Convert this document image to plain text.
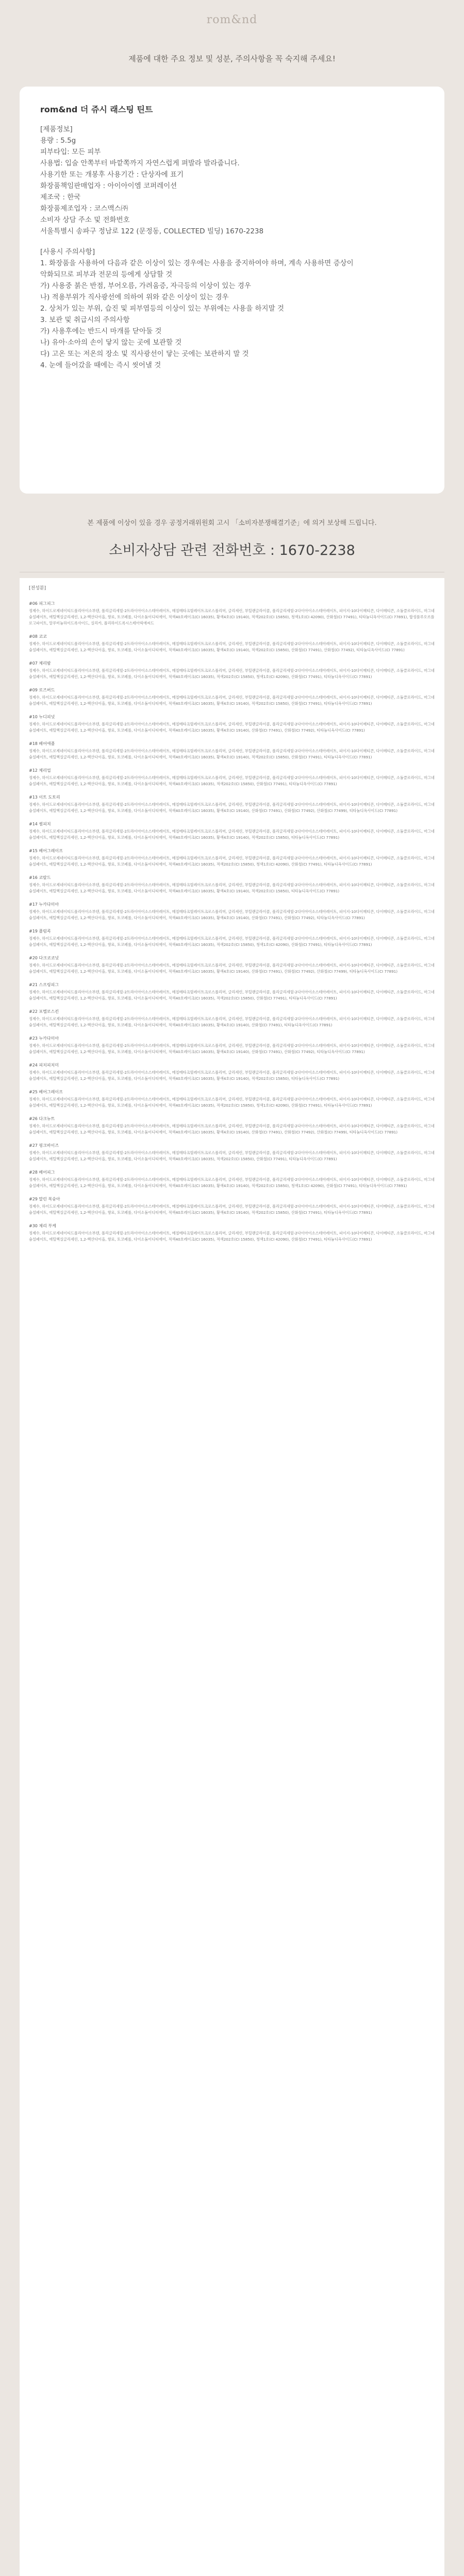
rom&nd
제품에 대한 주요 정보 및 성분, 주의사항을 꼭 숙지해 주세요!
rom&nd 더 쥬시 래스팅 틴트
[제품정보]
용량 : 5.5g
피부타입: 모든 피부
사용법: 입술 안쪽부터 바깥쪽까지 자연스럽게 펴발라 발라줍니다.
사용기한 또는 개봉후 사용기간 : 단상자에 표기
화장품책임판매업자 : 아이아이엠 코퍼레이션
제조국 : 한국
화장품제조업자 : 코스맥스㈜
소비자 상담 주소 및 전화번호
서울특별시 송파구 정남로 122 (문정동, COLLECTED 빌딩) 1670-2238
[사용시 주의사항]
1. 화장품을 사용하여 다음과 같은 이상이 있는 경우에는 사용을 중지하여야 하며, 계속 사용하면 증상이
악화되므로 피부과 전문의 등에게 상담할 것
가) 사용중 붉은 반점, 부어오름, 가려움증, 자극등의 이상이 있는 경우
나) 적용부위가 직사광선에 의하여 위와 같은 이상이 있는 경우
2. 상처가 있는 부위, 습진 및 피부염등의 이상이 있는 부위에는 사용을 하지말 것
3. 보관 및 취급시의 주의사항
가) 사용후에는 반드시 마개를 닫아둘 것
나) 유아·소아의 손이 닿지 않는 곳에 보관할 것
다) 고온 또는 저온의 장소 및 직사광선이 닿는 곳에는 보관하지 말 것
4. 눈에 들어갔을 때에는 즉시 씻어낼 것
본 제품에 이상이 있을 경우 공정거래위원회 고시 「소비자분쟁해결기준」에 의거 보상해 드립니다.
소비자상담 관련 전화번호 : 1670-2238
[전성분]
#06 피그피그
정제수, 하이드로제네이티드폴리아이소부텐, 폴리글리세릴-2트라이아이소스테아레이트, 메칠메타크릴레이트크로스폴리머, 글리세린, 부틸렌글라이콜, 폴리글리세릴-2다이아이소스테아레이트, 피이지-10다이메티콘, 다이메티콘, 소듐클로라이드, 마그네슘설페이트, 에틸헥실글리세린, 1,2-헥산다이올, 향료, 토코페롤, 다이소듐이디티에이, 적색40호레이크(CI 16035), 황색4호(CI 19140), 적색202호(CI 15850), 청색1호(CI 42090), 산화철(CI 77491), 티타늄디옥사이드(CI 77891), 합성플루오르플로고파이트, 알루미늄하이드록사이드, 실리카, 폴리하이드록시스테아릭애씨드
#08 코코
정제수, 하이드로제네이티드폴리아이소부텐, 폴리글리세릴-2트라이아이소스테아레이트, 메칠메타크릴레이트크로스폴리머, 글리세린, 부틸렌글라이콜, 폴리글리세릴-2다이아이소스테아레이트, 피이지-10다이메티콘, 다이메티콘, 소듐클로라이드, 마그네슘설페이트, 에틸헥실글리세린, 1,2-헥산다이올, 향료, 토코페롤, 다이소듐이디티에이, 적색40호레이크(CI 16035), 황색4호(CI 19140), 적색202호(CI 15850), 산화철(CI 77491), 산화철(CI 77492), 티타늄디옥사이드(CI 77891)
#07 체리밤
정제수, 하이드로제네이티드폴리아이소부텐, 폴리글리세릴-2트라이아이소스테아레이트, 메칠메타크릴레이트크로스폴리머, 글리세린, 부틸렌글라이콜, 폴리글리세릴-2다이아이소스테아레이트, 피이지-10다이메티콘, 다이메티콘, 소듐클로라이드, 마그네슘설페이트, 에틸헥실글리세린, 1,2-헥산다이올, 향료, 토코페롤, 다이소듐이디티에이, 적색40호레이크(CI 16035), 적색202호(CI 15850), 청색1호(CI 42090), 산화철(CI 77491), 티타늄디옥사이드(CI 77891)
#09 로즈버드
정제수, 하이드로제네이티드폴리아이소부텐, 폴리글리세릴-2트라이아이소스테아레이트, 메칠메타크릴레이트크로스폴리머, 글리세린, 부틸렌글라이콜, 폴리글리세릴-2다이아이소스테아레이트, 피이지-10다이메티콘, 다이메티콘, 소듐클로라이드, 마그네슘설페이트, 에틸헥실글리세린, 1,2-헥산다이올, 향료, 토코페롤, 다이소듐이디티에이, 적색40호레이크(CI 16035), 황색4호(CI 19140), 적색202호(CI 15850), 산화철(CI 77491), 티타늄디옥사이드(CI 77891)
#10 누디피넛
정제수, 하이드로제네이티드폴리아이소부텐, 폴리글리세릴-2트라이아이소스테아레이트, 메칠메타크릴레이트크로스폴리머, 글리세린, 부틸렌글라이콜, 폴리글리세릴-2다이아이소스테아레이트, 피이지-10다이메티콘, 다이메티콘, 소듐클로라이드, 마그네슘설페이트, 에틸헥실글리세린, 1,2-헥산다이올, 향료, 토코페롤, 다이소듐이디티에이, 적색40호레이크(CI 16035), 황색4호(CI 19140), 산화철(CI 77491), 산화철(CI 77492), 티타늄디옥사이드(CI 77891)
#18 베어애플
정제수, 하이드로제네이티드폴리아이소부텐, 폴리글리세릴-2트라이아이소스테아레이트, 메칠메타크릴레이트크로스폴리머, 글리세린, 부틸렌글라이콜, 폴리글리세릴-2다이아이소스테아레이트, 피이지-10다이메티콘, 다이메티콘, 소듐클로라이드, 마그네슘설페이트, 에틸헥실글리세린, 1,2-헥산다이올, 향료, 토코페롤, 다이소듐이디티에이, 적색40호레이크(CI 16035), 황색4호(CI 19140), 적색202호(CI 15850), 산화철(CI 77491), 티타늄디옥사이드(CI 77891)
#12 체리업
정제수, 하이드로제네이티드폴리아이소부텐, 폴리글리세릴-2트라이아이소스테아레이트, 메칠메타크릴레이트크로스폴리머, 글리세린, 부틸렌글라이콜, 폴리글리세릴-2다이아이소스테아레이트, 피이지-10다이메티콘, 다이메티콘, 소듐클로라이드, 마그네슘설페이트, 에틸헥실글리세린, 1,2-헥산다이올, 향료, 토코페롤, 다이소듐이디티에이, 적색40호레이크(CI 16035), 적색202호(CI 15850), 산화철(CI 77491), 티타늄디옥사이드(CI 77891)
#13 이트 도토리
정제수, 하이드로제네이티드폴리아이소부텐, 폴리글리세릴-2트라이아이소스테아레이트, 메칠메타크릴레이트크로스폴리머, 글리세린, 부틸렌글라이콜, 폴리글리세릴-2다이아이소스테아레이트, 피이지-10다이메티콘, 다이메티콘, 소듐클로라이드, 마그네슘설페이트, 에틸헥실글리세린, 1,2-헥산다이올, 향료, 토코페롤, 다이소듐이디티에이, 적색40호레이크(CI 16035), 황색4호(CI 19140), 산화철(CI 77491), 산화철(CI 77492), 산화철(CI 77499), 티타늄디옥사이드(CI 77891)
#14 썸피치
정제수, 하이드로제네이티드폴리아이소부텐, 폴리글리세릴-2트라이아이소스테아레이트, 메칠메타크릴레이트크로스폴리머, 글리세린, 부틸렌글라이콜, 폴리글리세릴-2다이아이소스테아레이트, 피이지-10다이메티콘, 다이메티콘, 소듐클로라이드, 마그네슘설페이트, 에틸헥실글리세린, 1,2-헥산다이올, 향료, 토코페롤, 다이소듐이디티에이, 적색40호레이크(CI 16035), 황색4호(CI 19140), 적색202호(CI 15850), 티타늄디옥사이드(CI 77891)
#15 베어그레이프
정제수, 하이드로제네이티드폴리아이소부텐, 폴리글리세릴-2트라이아이소스테아레이트, 메칠메타크릴레이트크로스폴리머, 글리세린, 부틸렌글라이콜, 폴리글리세릴-2다이아이소스테아레이트, 피이지-10다이메티콘, 다이메티콘, 소듐클로라이드, 마그네슘설페이트, 에틸헥실글리세린, 1,2-헥산다이올, 향료, 토코페롤, 다이소듐이디티에이, 적색40호레이크(CI 16035), 적색202호(CI 15850), 청색1호(CI 42090), 산화철(CI 77491), 티타늄디옥사이드(CI 77891)
#16 코랄드
정제수, 하이드로제네이티드폴리아이소부텐, 폴리글리세릴-2트라이아이소스테아레이트, 메칠메타크릴레이트크로스폴리머, 글리세린, 부틸렌글라이콜, 폴리글리세릴-2다이아이소스테아레이트, 피이지-10다이메티콘, 다이메티콘, 소듐클로라이드, 마그네슘설페이트, 에틸헥실글리세린, 1,2-헥산다이올, 향료, 토코페롤, 다이소듐이디티에이, 적색40호레이크(CI 16035), 황색4호(CI 19140), 적색202호(CI 15850), 티타늄디옥사이드(CI 77891)
#17 누카다미아
정제수, 하이드로제네이티드폴리아이소부텐, 폴리글리세릴-2트라이아이소스테아레이트, 메칠메타크릴레이트크로스폴리머, 글리세린, 부틸렌글라이콜, 폴리글리세릴-2다이아이소스테아레이트, 피이지-10다이메티콘, 다이메티콘, 소듐클로라이드, 마그네슘설페이트, 에틸헥실글리세린, 1,2-헥산다이올, 향료, 토코페롤, 다이소듐이디티에이, 적색40호레이크(CI 16035), 황색4호(CI 19140), 산화철(CI 77491), 산화철(CI 77492), 티타늄디옥사이드(CI 77891)
#19 플럼콕
정제수, 하이드로제네이티드폴리아이소부텐, 폴리글리세릴-2트라이아이소스테아레이트, 메칠메타크릴레이트크로스폴리머, 글리세린, 부틸렌글라이콜, 폴리글리세릴-2다이아이소스테아레이트, 피이지-10다이메티콘, 다이메티콘, 소듐클로라이드, 마그네슘설페이트, 에틸헥실글리세린, 1,2-헥산다이올, 향료, 토코페롤, 다이소듐이디티에이, 적색40호레이크(CI 16035), 적색202호(CI 15850), 청색1호(CI 42090), 산화철(CI 77491), 티타늄디옥사이드(CI 77891)
#20 다크코코넛
정제수, 하이드로제네이티드폴리아이소부텐, 폴리글리세릴-2트라이아이소스테아레이트, 메칠메타크릴레이트크로스폴리머, 글리세린, 부틸렌글라이콜, 폴리글리세릴-2다이아이소스테아레이트, 피이지-10다이메티콘, 다이메티콘, 소듐클로라이드, 마그네슘설페이트, 에틸헥실글리세린, 1,2-헥산다이올, 향료, 토코페롤, 다이소듐이디티에이, 적색40호레이크(CI 16035), 황색4호(CI 19140), 산화철(CI 77491), 산화철(CI 77492), 산화철(CI 77499), 티타늄디옥사이드(CI 77891)
#21 스프링피그
정제수, 하이드로제네이티드폴리아이소부텐, 폴리글리세릴-2트라이아이소스테아레이트, 메칠메타크릴레이트크로스폴리머, 글리세린, 부틸렌글라이콜, 폴리글리세릴-2다이아이소스테아레이트, 피이지-10다이메티콘, 다이메티콘, 소듐클로라이드, 마그네슘설페이트, 에틸헥실글리세린, 1,2-헥산다이올, 향료, 토코페롤, 다이소듐이디티에이, 적색40호레이크(CI 16035), 적색202호(CI 15850), 산화철(CI 77491), 티타늄디옥사이드(CI 77891)
#22 포멜로스킨
정제수, 하이드로제네이티드폴리아이소부텐, 폴리글리세릴-2트라이아이소스테아레이트, 메칠메타크릴레이트크로스폴리머, 글리세린, 부틸렌글라이콜, 폴리글리세릴-2다이아이소스테아레이트, 피이지-10다이메티콘, 다이메티콘, 소듐클로라이드, 마그네슘설페이트, 에틸헥실글리세린, 1,2-헥산다이올, 향료, 토코페롤, 다이소듐이디티에이, 적색40호레이크(CI 16035), 황색4호(CI 19140), 산화철(CI 77491), 티타늄디옥사이드(CI 77891)
#23 누카다미아
정제수, 하이드로제네이티드폴리아이소부텐, 폴리글리세릴-2트라이아이소스테아레이트, 메칠메타크릴레이트크로스폴리머, 글리세린, 부틸렌글라이콜, 폴리글리세릴-2다이아이소스테아레이트, 피이지-10다이메티콘, 다이메티콘, 소듐클로라이드, 마그네슘설페이트, 에틸헥실글리세린, 1,2-헥산다이올, 향료, 토코페롤, 다이소듐이디티에이, 적색40호레이크(CI 16035), 황색4호(CI 19140), 산화철(CI 77491), 산화철(CI 77492), 티타늄디옥사이드(CI 77891)
#24 피치피치미
정제수, 하이드로제네이티드폴리아이소부텐, 폴리글리세릴-2트라이아이소스테아레이트, 메칠메타크릴레이트크로스폴리머, 글리세린, 부틸렌글라이콜, 폴리글리세릴-2다이아이소스테아레이트, 피이지-10다이메티콘, 다이메티콘, 소듐클로라이드, 마그네슘설페이트, 에틸헥실글리세린, 1,2-헥산다이올, 향료, 토코페롤, 다이소듐이디티에이, 적색40호레이크(CI 16035), 황색4호(CI 19140), 적색202호(CI 15850), 티타늄디옥사이드(CI 77891)
#25 베어그레이프
정제수, 하이드로제네이티드폴리아이소부텐, 폴리글리세릴-2트라이아이소스테아레이트, 메칠메타크릴레이트크로스폴리머, 글리세린, 부틸렌글라이콜, 폴리글리세릴-2다이아이소스테아레이트, 피이지-10다이메티콘, 다이메티콘, 소듐클로라이드, 마그네슘설페이트, 에틸헥실글리세린, 1,2-헥산다이올, 향료, 토코페롤, 다이소듐이디티에이, 적색40호레이크(CI 16035), 적색202호(CI 15850), 청색1호(CI 42090), 산화철(CI 77491), 티타늄디옥사이드(CI 77891)
#26 다크뉴트
정제수, 하이드로제네이티드폴리아이소부텐, 폴리글리세릴-2트라이아이소스테아레이트, 메칠메타크릴레이트크로스폴리머, 글리세린, 부틸렌글라이콜, 폴리글리세릴-2다이아이소스테아레이트, 피이지-10다이메티콘, 다이메티콘, 소듐클로라이드, 마그네슘설페이트, 에틸헥실글리세린, 1,2-헥산다이올, 향료, 토코페롤, 다이소듐이디티에이, 적색40호레이크(CI 16035), 황색4호(CI 19140), 산화철(CI 77491), 산화철(CI 77492), 산화철(CI 77499), 티타늄디옥사이드(CI 77891)
#27 핑크바이즈
정제수, 하이드로제네이티드폴리아이소부텐, 폴리글리세릴-2트라이아이소스테아레이트, 메칠메타크릴레이트크로스폴리머, 글리세린, 부틸렌글라이콜, 폴리글리세릴-2다이아이소스테아레이트, 피이지-10다이메티콘, 다이메티콘, 소듐클로라이드, 마그네슘설페이트, 에틸헥실글리세린, 1,2-헥산다이올, 향료, 토코페롤, 다이소듐이디티에이, 적색40호레이크(CI 16035), 적색202호(CI 15850), 산화철(CI 77491), 티타늄디옥사이드(CI 77891)
#28 베어피그
정제수, 하이드로제네이티드폴리아이소부텐, 폴리글리세릴-2트라이아이소스테아레이트, 메칠메타크릴레이트크로스폴리머, 글리세린, 부틸렌글라이콜, 폴리글리세릴-2다이아이소스테아레이트, 피이지-10다이메티콘, 다이메티콘, 소듐클로라이드, 마그네슘설페이트, 에틸헥실글리세린, 1,2-헥산다이올, 향료, 토코페롤, 다이소듐이디티에이, 적색40호레이크(CI 16035), 황색4호(CI 19140), 적색202호(CI 15850), 청색1호(CI 42090), 산화철(CI 77491), 티타늄디옥사이드(CI 77891)
#29 말린 복숭아
정제수, 하이드로제네이티드폴리아이소부텐, 폴리글리세릴-2트라이아이소스테아레이트, 메칠메타크릴레이트크로스폴리머, 글리세린, 부틸렌글라이콜, 폴리글리세릴-2다이아이소스테아레이트, 피이지-10다이메티콘, 다이메티콘, 소듐클로라이드, 마그네슘설페이트, 에틸헥실글리세린, 1,2-헥산다이올, 향료, 토코페롤, 다이소듐이디티에이, 적색40호레이크(CI 16035), 황색4호(CI 19140), 적색202호(CI 15850), 산화철(CI 77491), 티타늄디옥사이드(CI 77891)
#30 체리 부케
정제수, 하이드로제네이티드폴리아이소부텐, 폴리글리세릴-2트라이아이소스테아레이트, 메칠메타크릴레이트크로스폴리머, 글리세린, 부틸렌글라이콜, 폴리글리세릴-2다이아이소스테아레이트, 피이지-10다이메티콘, 다이메티콘, 소듐클로라이드, 마그네슘설페이트, 에틸헥실글리세린, 1,2-헥산다이올, 향료, 토코페롤, 다이소듐이디티에이, 적색40호레이크(CI 16035), 적색202호(CI 15850), 청색1호(CI 42090), 산화철(CI 77491), 티타늄디옥사이드(CI 77891)
